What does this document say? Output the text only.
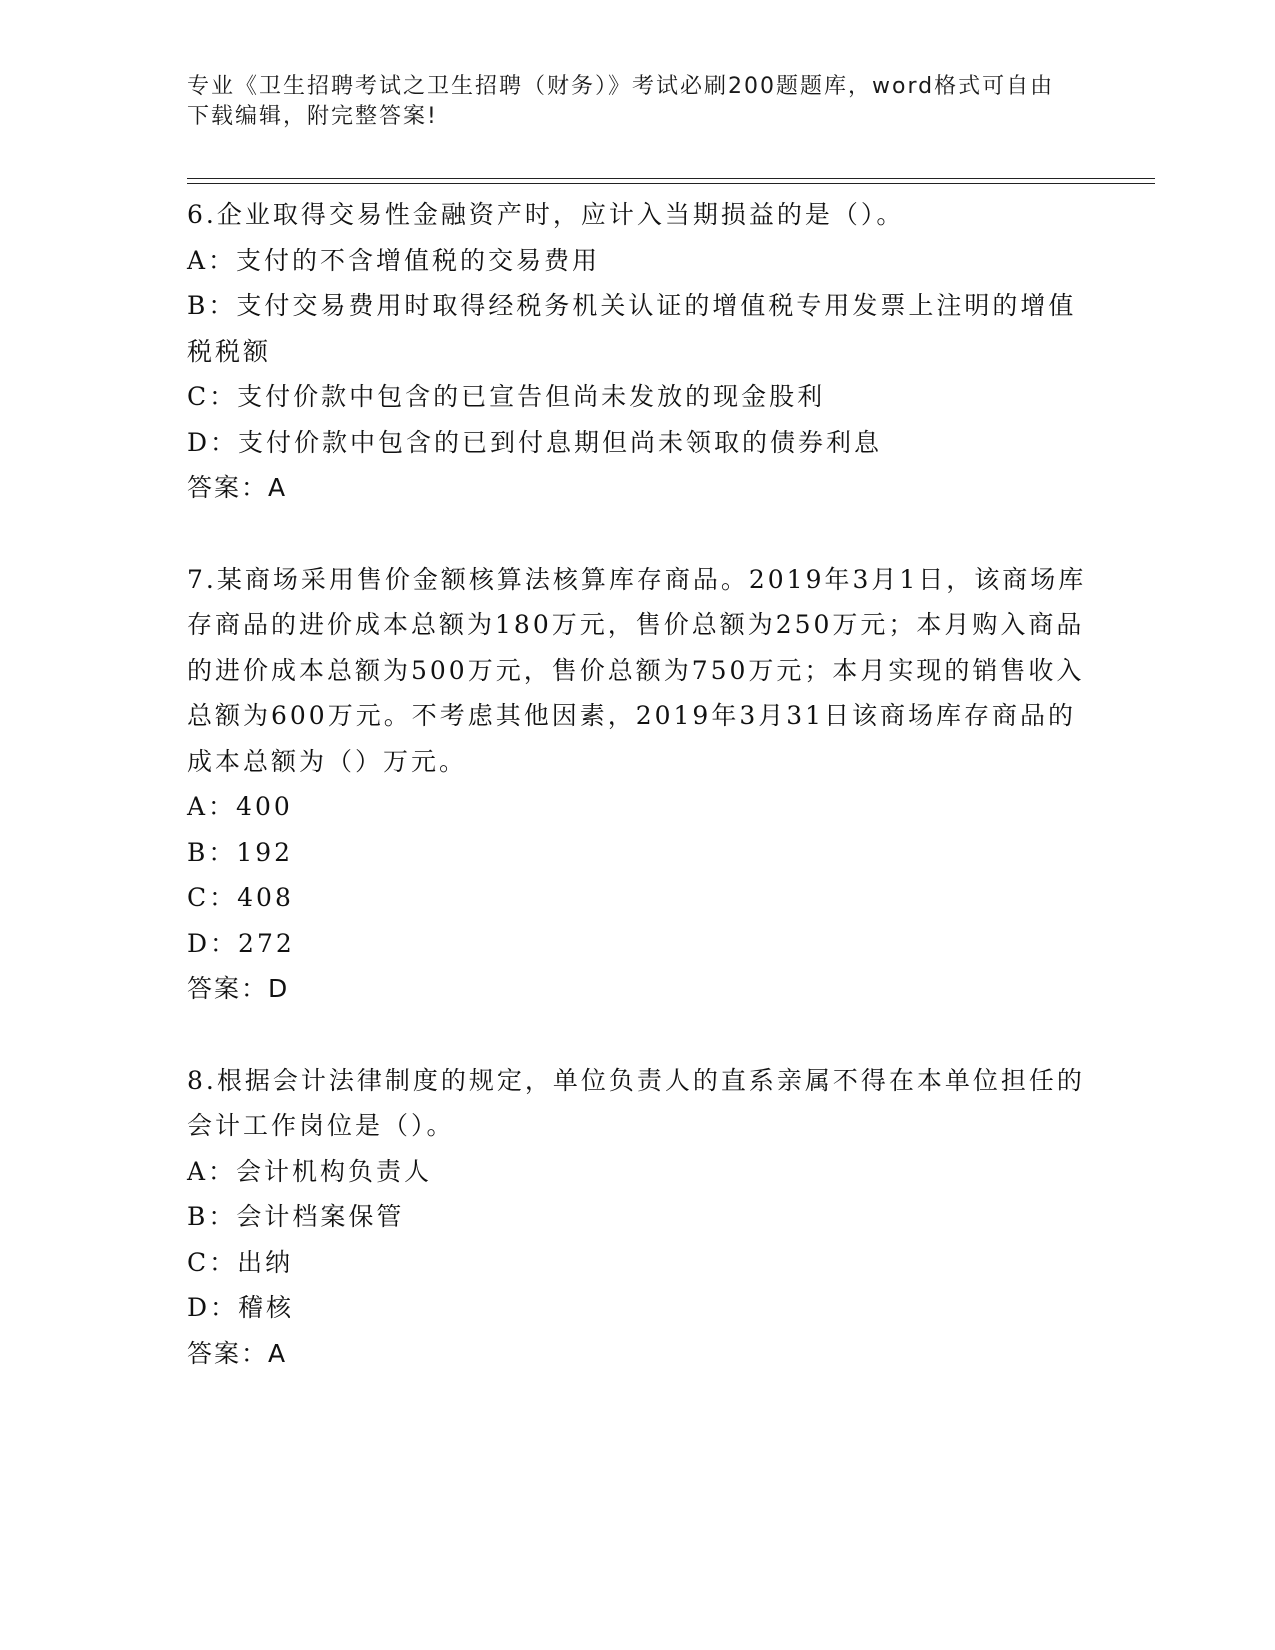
专业《卫生招聘考试之卫生招聘（财务）》考试必刷200题题库，word格式可自由下载编辑，附完整答案!

6.企业取得交易性金融资产时，应计入当期损益的是（）。

A：支付的不含增值税的交易费用

B：支付交易费用时取得经税务机关认证的增值税专用发票上注明的增值税税额

C：支付价款中包含的已宣告但尚未发放的现金股利

D：支付价款中包含的已到付息期但尚未领取的债券利息

答案：A

7.某商场采用售价金额核算法核算库存商品。2019年3月1日，该商场库存商品的进价成本总额为180万元，售价总额为250万元；本月购入商品的进价成本总额为500万元，售价总额为750万元；本月实现的销售收入总额为600万元。不考虑其他因素，2019年3月31日该商场库存商品的成本总额为（）万元。

A：400

B：192

C：408

D：272

答案：D

8.根据会计法律制度的规定，单位负责人的直系亲属不得在本单位担任的会计工作岗位是（）。

A：会计机构负责人

B：会计档案保管

C：出纳

D：稽核

答案：A
